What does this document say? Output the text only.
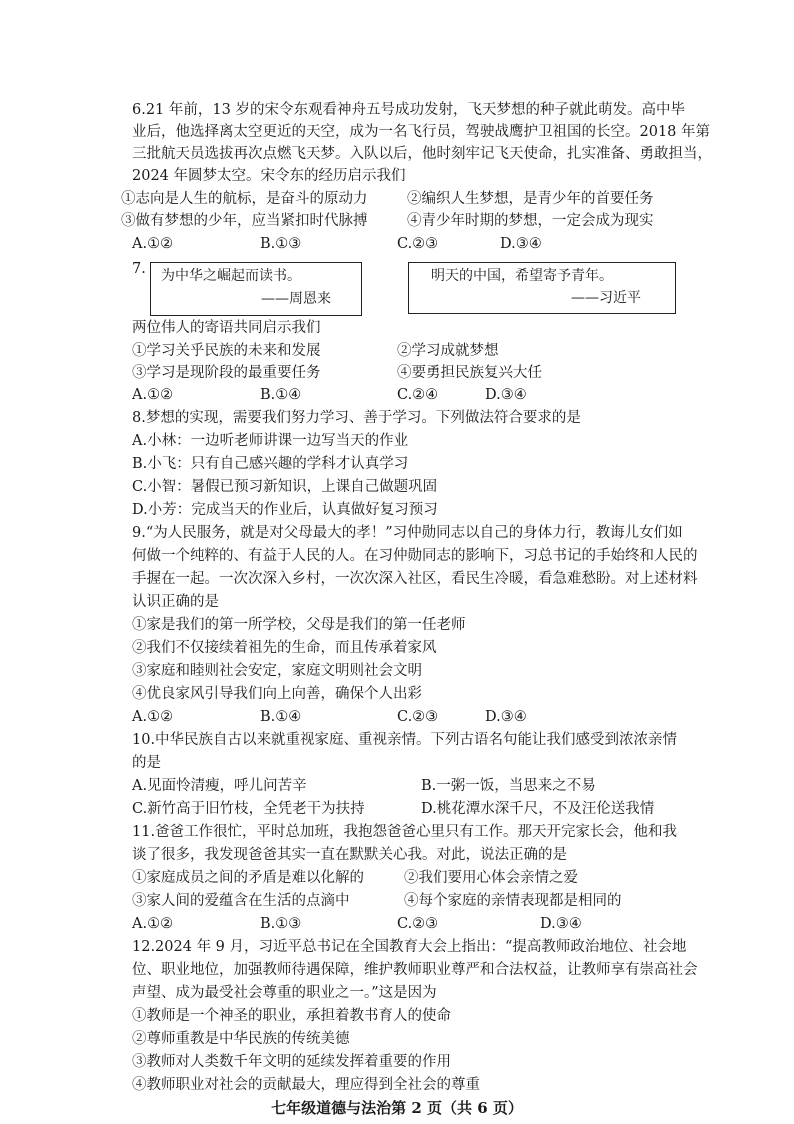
6.21 年前，13 岁的宋令东观看神舟五号成功发射，飞天梦想的种子就此萌发。高中毕
业后，他选择离太空更近的天空，成为一名飞行员，驾驶战鹰护卫祖国的长空。2018 年第
三批航天员选拔再次点燃飞天梦。入队以后，他时刻牢记飞天使命，扎实准备、勇敢担当，
2024 年圆梦太空。宋令东的经历启示我们
①志向是人生的航标，是奋斗的原动力	②编织人生梦想，是青少年的首要任务
③做有梦想的少年，应当紧扣时代脉搏	④青少年时期的梦想，一定会成为现实
A.①②	B.①③	C.②③	D.③④
7. 为中华之崛起而读书。
——周恩来
明天的中国，希望寄予青年。
——习近平
两位伟人的寄语共同启示我们
①学习关乎民族的未来和发展	②学习成就梦想
③学习是现阶段的最重要任务	④要勇担民族复兴大任
A.①②	B.①④	C.②④	D.③④
8.梦想的实现，需要我们努力学习、善于学习。下列做法符合要求的是
A.小林：一边听老师讲课一边写当天的作业
B.小飞：只有自己感兴趣的学科才认真学习
C.小智：暑假已预习新知识，上课自己做题巩固
D.小芳：完成当天的作业后，认真做好复习预习
9.“为人民服务，就是对父母最大的孝！”习仲勋同志以自己的身体力行，教诲儿女们如
何做一个纯粹的、有益于人民的人。在习仲勋同志的影响下，习总书记的手始终和人民的
手握在一起。一次次深入乡村，一次次深入社区，看民生冷暖，看急难愁盼。对上述材料
认识正确的是
①家是我们的第一所学校，父母是我们的第一任老师
②我们不仅接续着祖先的生命，而且传承着家风
③家庭和睦则社会安定，家庭文明则社会文明
④优良家风引导我们向上向善，确保个人出彩
A.①②	B.①④	C.②③	D.③④
10.中华民族自古以来就重视家庭、重视亲情。下列古语名句能让我们感受到浓浓亲情
的是
A.见面怜清瘦，呼儿问苦辛	B.一粥一饭，当思来之不易
C.新竹高于旧竹枝，全凭老干为扶持	D.桃花潭水深千尺，不及汪伦送我情
11.爸爸工作很忙，平时总加班，我抱怨爸爸心里只有工作。那天开完家长会，他和我
谈了很多，我发现爸爸其实一直在默默关心我。对此，说法正确的是
①家庭成员之间的矛盾是难以化解的	②我们要用心体会亲情之爱
③家人间的爱蕴含在生活的点滴中	④每个家庭的亲情表现都是相同的
A.①②	B.①③	C.②③	D.③④
12.2024 年 9 月，习近平总书记在全国教育大会上指出：“提高教师政治地位、社会地
位、职业地位，加强教师待遇保障，维护教师职业尊严和合法权益，让教师享有崇高社会
声望、成为最受社会尊重的职业之一。”这是因为
①教师是一个神圣的职业，承担着教书育人的使命
②尊师重教是中华民族的传统美德
③教师对人类数千年文明的延续发挥着重要的作用
④教师职业对社会的贡献最大，理应得到全社会的尊重
七年级道德与法治第 2 页（共 6 页）
